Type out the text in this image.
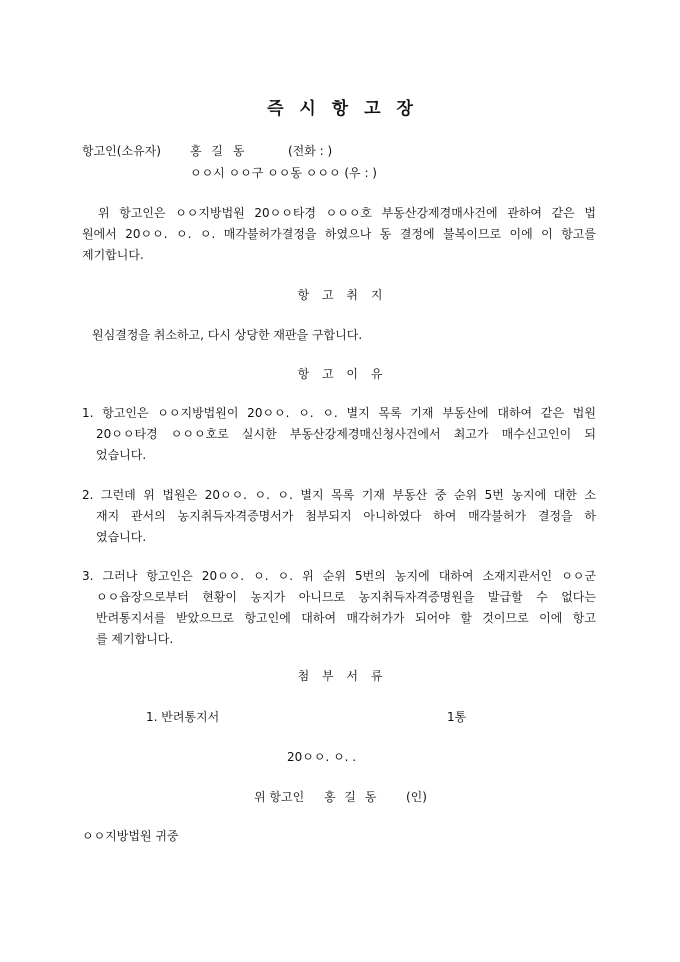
즉 시 항 고 장
항고인(소유자) 홍 길 동	(전화 : )
ㅇㅇ시 ㅇㅇ구 ㅇㅇ동 ㅇㅇㅇ (우 : )
위 항고인은 ㅇㅇ지방법원 20ㅇㅇ타경 ㅇㅇㅇ호 부동산강제경매사건에 관하여 같은 법
원에서 20ㅇㅇ. ㅇ. ㅇ. 매각불허가결정을 하였으나 동 결정에 불복이므로 이에 이 항고를
제기합니다.
항 고 취 지
원심결정을 취소하고, 다시 상당한 재판을 구합니다.
항 고 이 유
1. 항고인은 ㅇㅇ지방법원이 20ㅇㅇ. ㅇ. ㅇ. 별지 목록 기재 부동산에 대하여 같은 법원
20ㅇㅇ타경 ㅇㅇㅇ호로 실시한 부동산강제경매신청사건에서 최고가 매수신고인이 되
었습니다.
2. 그런데 위 법원은 20ㅇㅇ. ㅇ. ㅇ. 별지 목록 기재 부동산 중 순위 5번 농지에 대한 소
재지 관서의 농지취득자격증명서가 첨부되지 아니하였다 하여 매각불허가 결정을 하
였습니다.
3. 그러나 항고인은 20ㅇㅇ. ㅇ. ㅇ. 위 순위 5번의 농지에 대하여 소재지관서인 ㅇㅇ군
ㅇㅇ읍장으로부터 현황이 농지가 아니므로 농지취득자격증명원을 발급할 수 없다는
반려통지서를 받았으므로 항고인에 대하여 매각허가가 되어야 할 것이므로 이에 항고
를 제기합니다.
첨 부 서 류
1. 반려통지서	1통
20ㅇㅇ. ㅇ. .
위 항고인 홍 길 동 (인)
ㅇㅇ지방법원 귀중
